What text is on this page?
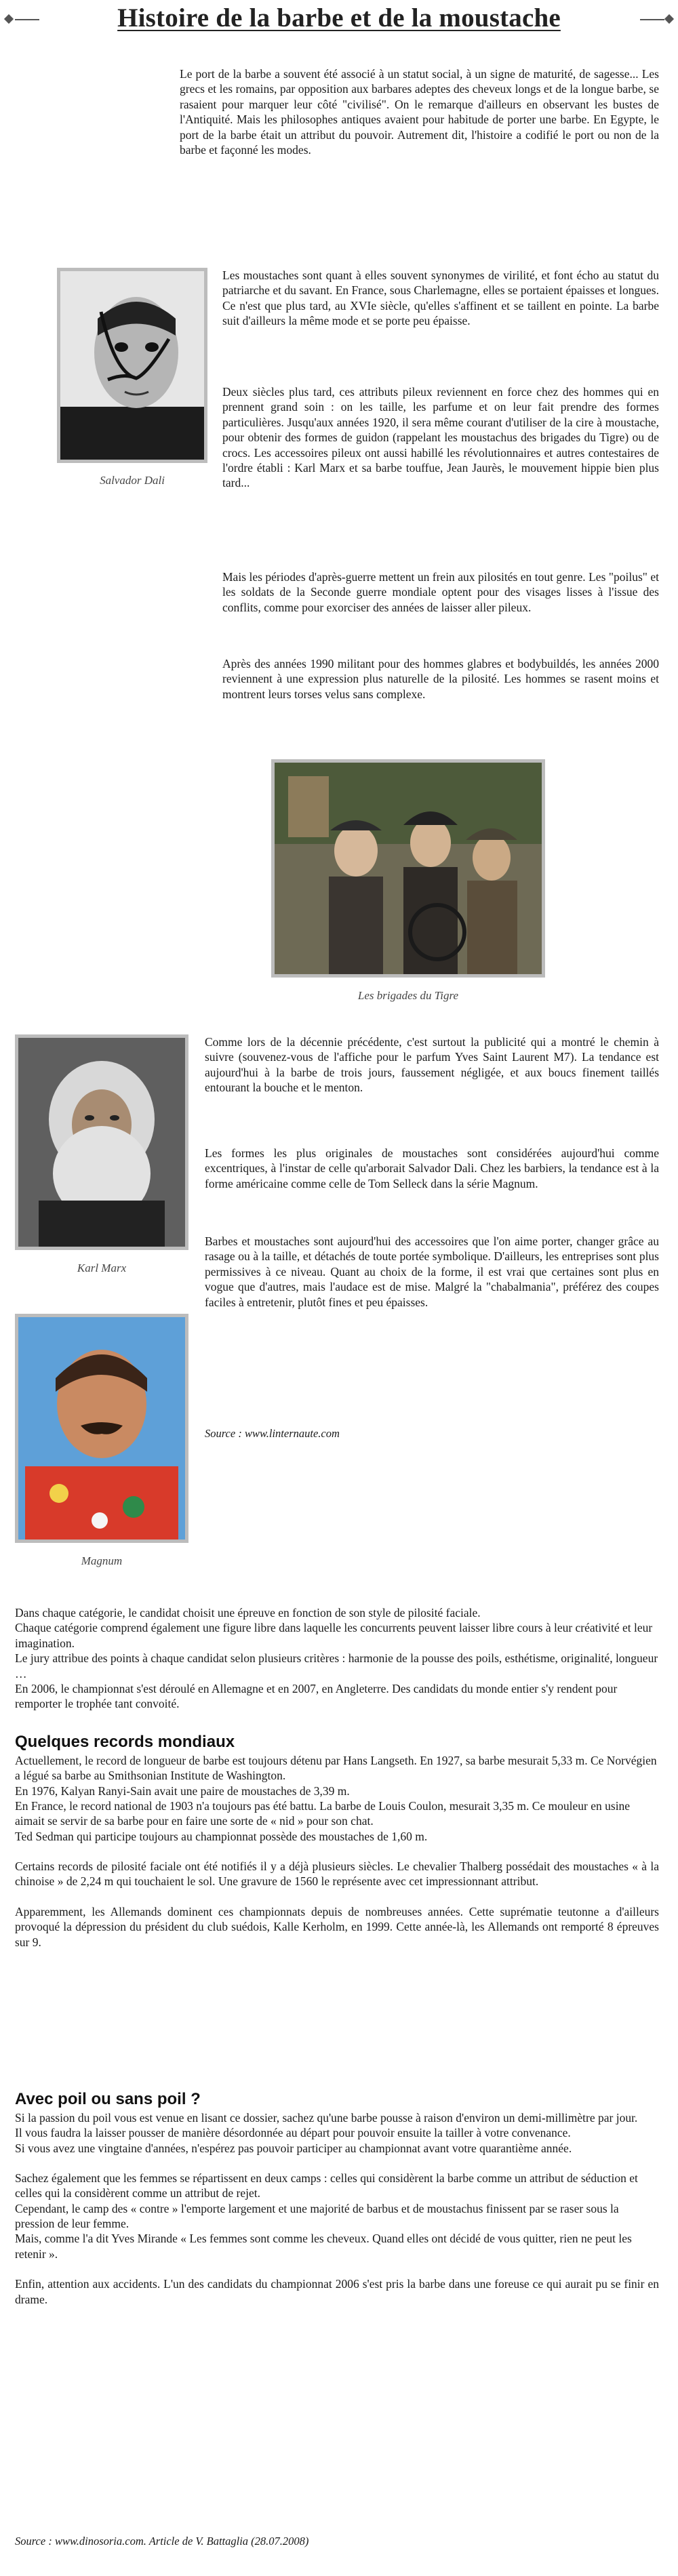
Histoire de la barbe et de la moustache

Le port de la barbe a souvent été associé à un statut social, à un signe de maturité, de sagesse... Les grecs et les romains, par opposition aux barbares adeptes des cheveux longs et de la longue barbe, se rasaient pour marquer leur côté "civilisé". On le remarque d'ailleurs en observant les bustes de l'Antiquité. Mais les philosophes antiques avaient pour habitude de porter une barbe. En Egypte, le port de la barbe était un attribut du pouvoir. Autrement dit, l'histoire a codifié le port ou non de la barbe et façonné les modes.

Salvador Dali

Les moustaches sont quant à elles souvent synonymes de virilité, et font écho au statut du patriarche et du savant. En France, sous Charlemagne, elles se portaient épaisses et longues. Ce n'est que plus tard, au XVIe siècle, qu'elles s'affinent et se taillent en pointe. La barbe suit d'ailleurs la même mode et se porte peu épaisse.

Deux siècles plus tard, ces attributs pileux reviennent en force chez des hommes qui en prennent grand soin : on les taille, les parfume et on leur fait prendre des formes particulières. Jusqu'aux années 1920, il sera même courant d'utiliser de la cire à moustache, pour obtenir des formes de guidon (rappelant les moustachus des brigades du Tigre) ou de crocs. Les accessoires pileux ont aussi habillé les révolutionnaires et autres contestaires de l'ordre établi : Karl Marx et sa barbe touffue, Jean Jaurès, le mouvement hippie bien plus tard...

Mais les périodes d'après-guerre mettent un frein aux pilosités en tout genre. Les "poilus" et les soldats de la Seconde guerre mondiale optent pour des visages lisses à l'issue des conflits, comme pour exorciser des années de laisser aller pileux.

Après des années 1990 militant pour des hommes glabres et bodybuildés, les années 2000 reviennent à une expression plus naturelle de la pilosité. Les hommes se rasent moins et montrent leurs torses velus sans complexe.

Les brigades du Tigre
Karl Marx
Magnum

Comme lors de la décennie précédente, c'est surtout la publicité qui a montré le chemin à suivre (souvenez-vous de l'affiche pour le parfum Yves Saint Laurent M7). La tendance est aujourd'hui à la barbe de trois jours, faussement négligée, et aux boucs finement taillés entourant la bouche et le menton.

Les formes les plus originales de moustaches sont considérées aujourd'hui comme excentriques, à l'instar de celle qu'arborait Salvador Dali. Chez les barbiers, la tendance est à la forme américaine comme celle de Tom Selleck dans la série Magnum.

Barbes et moustaches sont aujourd'hui des accessoires que l'on aime porter, changer grâce au rasage ou à la taille, et détachés de toute portée symbolique. D'ailleurs, les entreprises sont plus permissives à ce niveau. Quant au choix de la forme, il est vrai que certaines sont plus en vogue que d'autres, mais l'audace est de mise. Malgré la "chabalmania", préférez des coupes faciles à entretenir, plutôt fines et peu épaisses.

Source : www.linternaute.com

Dans chaque catégorie, le candidat choisit une épreuve en fonction de son style de pilosité faciale.

Chaque catégorie comprend également une figure libre dans laquelle les concurrents peuvent laisser libre cours à leur créativité et leur imagination.

Le jury attribue des points à chaque candidat selon plusieurs critères : harmonie de la pousse des poils, esthétisme, originalité, longueur …

En 2006, le championnat s'est déroulé en Allemagne et en 2007, en Angleterre. Des candidats du monde entier s'y rendent pour remporter le trophée tant convoité.

Quelques records mondiaux

Actuellement, le record de longueur de barbe est toujours détenu par Hans Langseth. En 1927, sa barbe mesurait 5,33 m. Ce Norvégien a légué sa barbe au Smithsonian Institute de Washington.

En 1976, Kalyan Ranyi-Sain avait une paire de moustaches de 3,39 m.

En France, le record national de 1903 n'a toujours pas été battu. La barbe de Louis Coulon, mesurait 3,35 m. Ce mouleur en usine aimait se servir de sa barbe pour en faire une sorte de « nid » pour son chat.

Ted Sedman qui participe toujours au championnat possède des moustaches de 1,60 m.

Certains records de pilosité faciale ont été notifiés il y a déjà plusieurs siècles. Le chevalier Thalberg possédait des moustaches « à la chinoise » de 2,24 m qui touchaient le sol. Une gravure de 1560 le représente avec cet impressionnant attribut.

Apparemment, les Allemands dominent ces championnats depuis de nombreuses années. Cette suprématie teutonne a d'ailleurs provoqué la dépression du président du club suédois, Kalle Kerholm, en 1999. Cette année-là, les Allemands ont remporté 8 épreuves sur 9.

Avec poil ou sans poil ?

Si la passion du poil vous est venue en lisant ce dossier, sachez qu'une barbe pousse à raison d'environ un demi-millimètre par jour.

Il vous faudra la laisser pousser de manière désordonnée au départ pour pouvoir ensuite la tailler à votre convenance.

Si vous avez une vingtaine d'années, n'espérez pas pouvoir participer au championnat avant votre quarantième année.

Sachez également que les femmes se répartissent en deux camps : celles qui considèrent la barbe comme un attribut de séduction et celles qui la considèrent comme un attribut de rejet.

Cependant, le camp des « contre » l'emporte largement et une majorité de barbus et de moustachus finissent par se raser sous la pression de leur femme.

Mais, comme l'a dit Yves Mirande « Les femmes sont comme les cheveux. Quand elles ont décidé de vous quitter, rien ne peut les retenir ».

Enfin, attention aux accidents. L'un des candidats du championnat 2006 s'est pris la barbe dans une foreuse ce qui aurait pu se finir en drame.

Source : www.dinosoria.com. Article de V. Battaglia (28.07.2008)
